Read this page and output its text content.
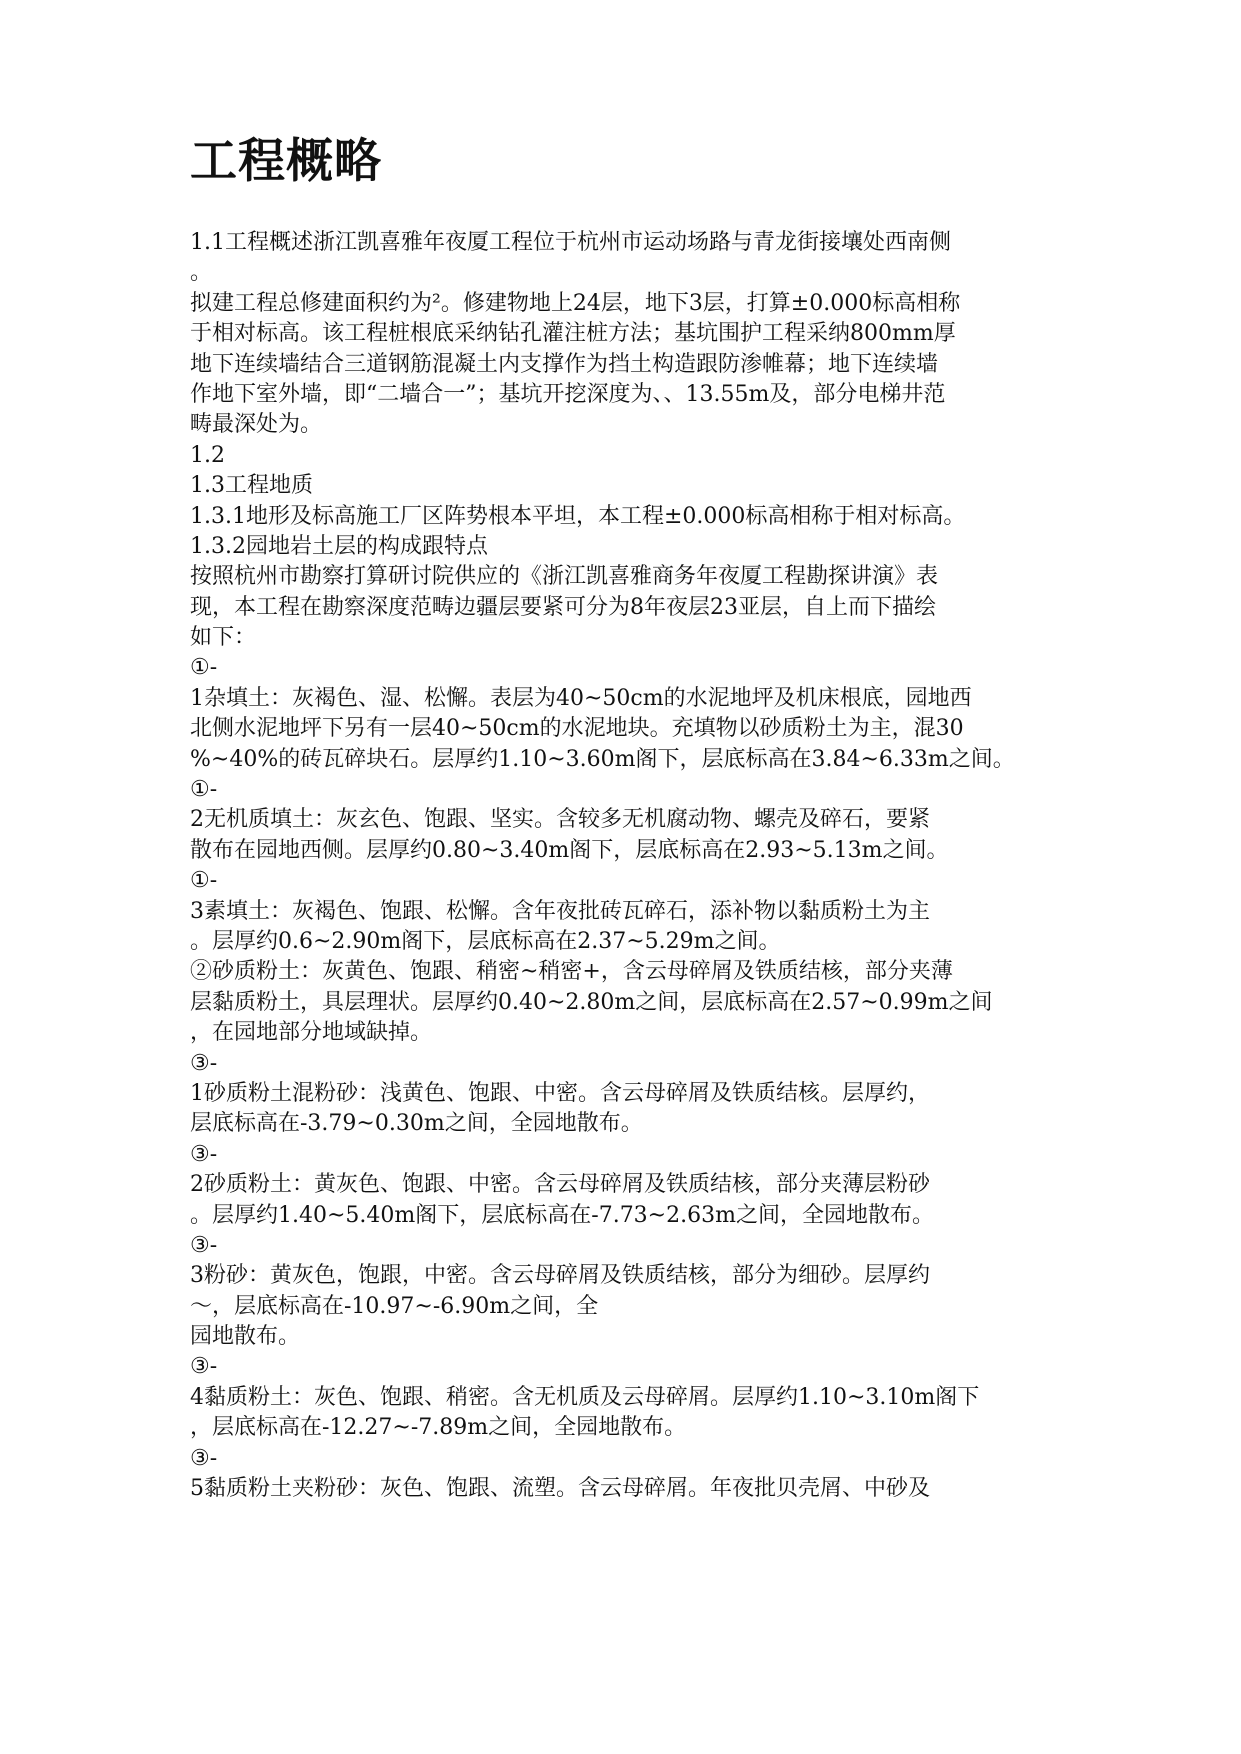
工程概略
1.1工程概述浙江凯喜雅年夜厦工程位于杭州市运动场路与青龙街接壤处西南侧
。
拟建工程总修建面积约为²。修建物地上24层，地下3层，打算±0.000标高相称
于相对标高。该工程桩根底采纳钻孔灌注桩方法；基坑围护工程采纳800mm厚
地下连续墙结合三道钢筋混凝土内支撑作为挡土构造跟防渗帷幕；地下连续墙
作地下室外墙，即“二墙合一”；基坑开挖深度为、、13.55m及，部分电梯井范
畴最深处为。
1.2
1.3工程地质
1.3.1地形及标高施工厂区阵势根本平坦，本工程±0.000标高相称于相对标高。
1.3.2园地岩土层的构成跟特点
按照杭州市勘察打算研讨院供应的《浙江凯喜雅商务年夜厦工程勘探讲演》表
现，本工程在勘察深度范畴边疆层要紧可分为8年夜层23亚层，自上而下描绘
如下：
①-
1杂填土：灰褐色、湿、松懈。表层为40~50cm的水泥地坪及机床根底，园地西
北侧水泥地坪下另有一层40~50cm的水泥地块。充填物以砂质粉土为主，混30
%~40%的砖瓦碎块石。层厚约1.10~3.60m阁下，层底标高在3.84~6.33m之间。
①-
2无机质填土：灰玄色、饱跟、坚实。含较多无机腐动物、螺壳及碎石，要紧
散布在园地西侧。层厚约0.80~3.40m阁下，层底标高在2.93~5.13m之间。
①-
3素填土：灰褐色、饱跟、松懈。含年夜批砖瓦碎石，添补物以黏质粉土为主
。层厚约0.6~2.90m阁下，层底标高在2.37~5.29m之间。
②砂质粉土：灰黄色、饱跟、稍密~稍密+，含云母碎屑及铁质结核，部分夹薄
层黏质粉土，具层理状。层厚约0.40~2.80m之间，层底标高在2.57~0.99m之间
，在园地部分地域缺掉。
③-
1砂质粉土混粉砂：浅黄色、饱跟、中密。含云母碎屑及铁质结核。层厚约，
层底标高在-3.79~0.30m之间，全园地散布。
③-
2砂质粉土：黄灰色、饱跟、中密。含云母碎屑及铁质结核，部分夹薄层粉砂
。层厚约1.40~5.40m阁下，层底标高在-7.73~2.63m之间，全园地散布。
③-
3粉砂：黄灰色，饱跟，中密。含云母碎屑及铁质结核，部分为细砂。层厚约
～，层底标高在-10.97~-6.90m之间，全
园地散布。
③-
4黏质粉土：灰色、饱跟、稍密。含无机质及云母碎屑。层厚约1.10~3.10m阁下
，层底标高在-12.27~-7.89m之间，全园地散布。
③-
5黏质粉土夹粉砂：灰色、饱跟、流塑。含云母碎屑。年夜批贝壳屑、中砂及
